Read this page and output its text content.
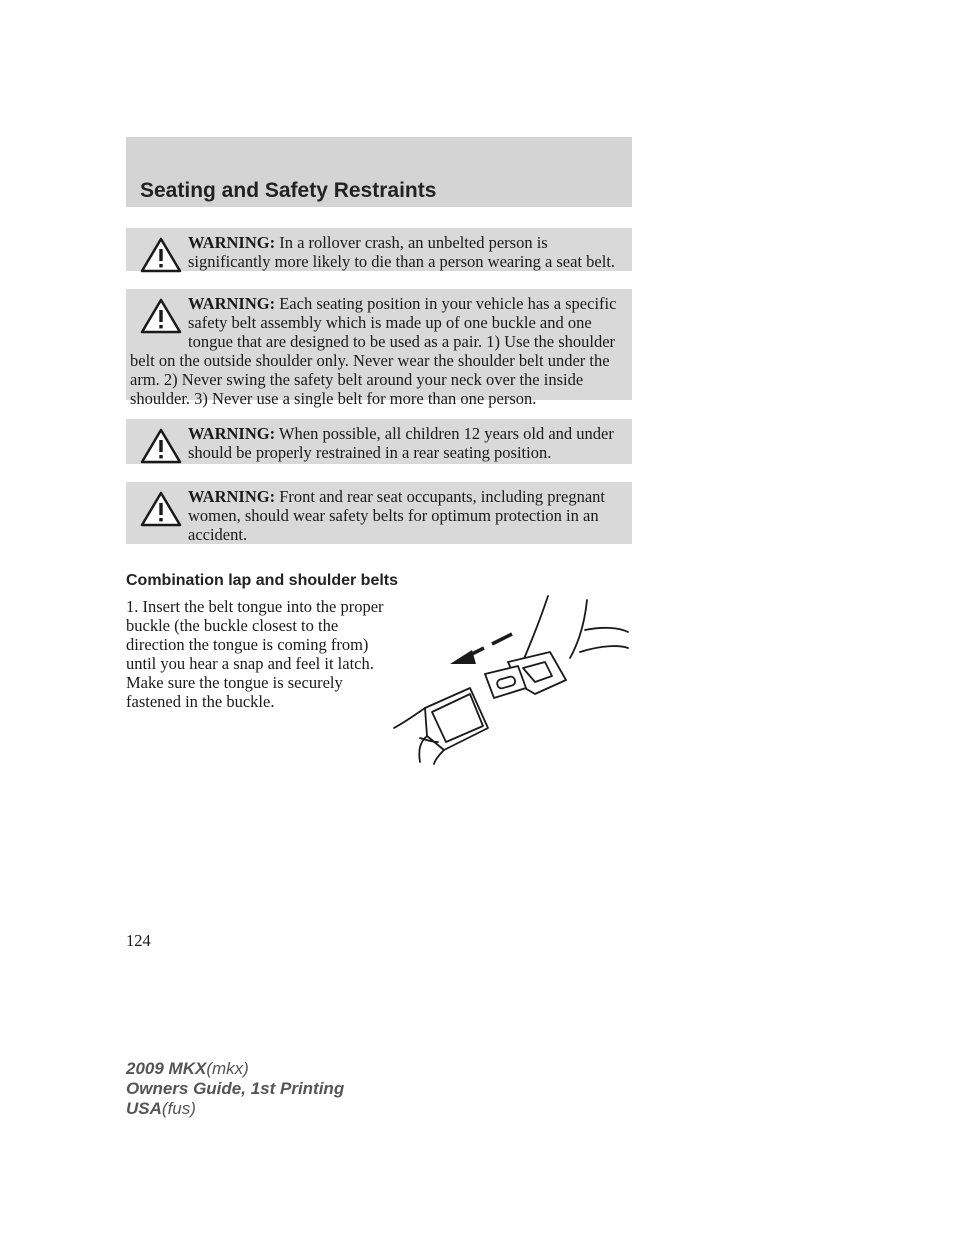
Seating and Safety Restraints
WARNING: In a rollover crash, an unbelted person is significantly more likely to die than a person wearing a seat belt.
WARNING: Each seating position in your vehicle has a specific safety belt assembly which is made up of one buckle and one tongue that are designed to be used as a pair. 1) Use the shoulder belt on the outside shoulder only. Never wear the shoulder belt under the arm. 2) Never swing the safety belt around your neck over the inside shoulder. 3) Never use a single belt for more than one person.
WARNING: When possible, all children 12 years old and under should be properly restrained in a rear seating position.
WARNING: Front and rear seat occupants, including pregnant women, should wear safety belts for optimum protection in an accident.
Combination lap and shoulder belts

1. Insert the belt tongue into the proper buckle (the buckle closest to the direction the tongue is coming from) until you hear a snap and feel it latch. Make sure the tongue is securely fastened in the buckle.

124
2009 MKX(mkx)
Owners Guide, 1st Printing
USA(fus)
